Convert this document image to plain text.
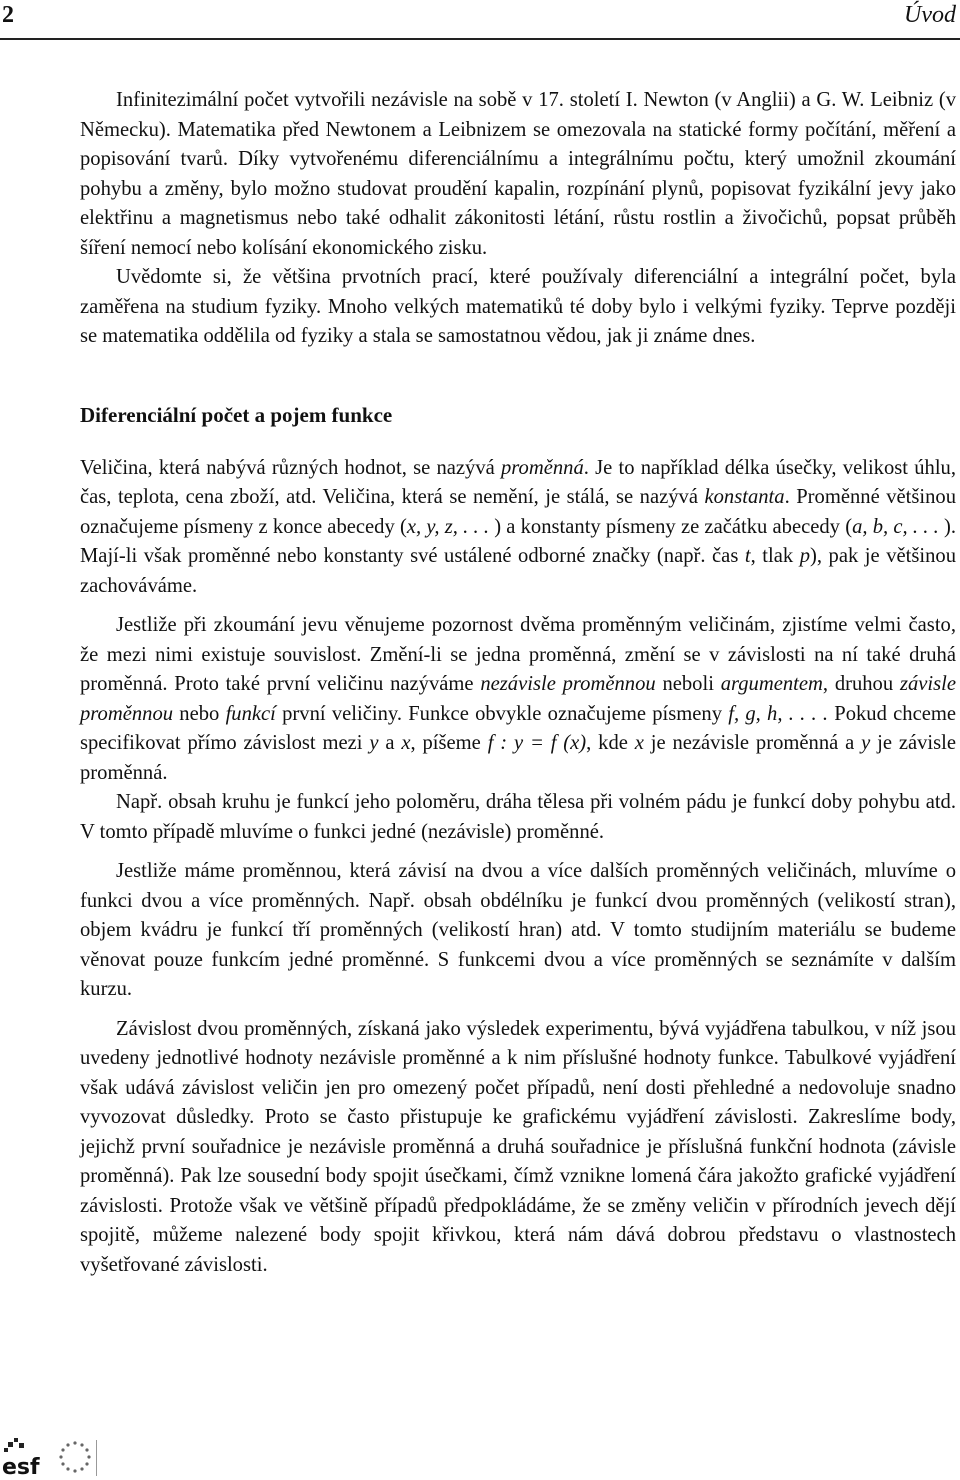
2	Úvod

Infinitezimální počet vytvořili nezávisle na sobě v 17. století I. Newton (v Anglii) a G. W. Leibniz (v Německu). Matematika před Newtonem a Leibnizem se omezovala na statické formy počítání, měření a popisování tvarů. Díky vytvořenému diferenciálnímu a integrálnímu počtu, který umožnil zkoumání pohybu a změny, bylo možno studovat proudění kapalin, rozpínání plynů, popisovat fyzikální jevy jako elektřinu a magnetismus nebo také odhalit zákonitosti létání, růstu rostlin a živočichů, popsat průběh šíření nemocí nebo kolísání ekonomického zisku.

Uvědomte si, že většina prvotních prací, které používaly diferenciální a integrální počet, byla zaměřena na studium fyziky. Mnoho velkých matematiků té doby bylo i velkými fyziky. Teprve později se matematika oddělila od fyziky a stala se samostatnou vědou, jak ji známe dnes.

Diferenciální počet a pojem funkce

Veličina, která nabývá různých hodnot, se nazývá proměnná. Je to například délka úsečky, velikost úhlu, čas, teplota, cena zboží, atd. Veličina, která se nemění, je stálá, se nazývá konstanta. Proměnné většinou označujeme písmeny z konce abecedy (x, y, z, . . . ) a konstanty písmeny ze začátku abecedy (a, b, c, . . . ). Mají-li však proměnné nebo konstanty své ustálené odborné značky (např. čas t, tlak p), pak je většinou zachováváme.

Jestliže při zkoumání jevu věnujeme pozornost dvěma proměnným veličinám, zjistíme velmi často, že mezi nimi existuje souvislost. Změní-li se jedna proměnná, změní se v závislosti na ní také druhá proměnná. Proto také první veličinu nazýváme nezávisle proměnnou neboli argumentem, druhou závisle proměnnou nebo funkcí první veličiny. Funkce obvykle označujeme písmeny f, g, h, . . . . Pokud chceme specifikovat přímo závislost mezi y a x, píšeme f : y = f (x), kde x je nezávisle proměnná a y je závisle proměnná.

Např. obsah kruhu je funkcí jeho poloměru, dráha tělesa při volném pádu je funkcí doby pohybu atd. V tomto případě mluvíme o funkci jedné (nezávisle) proměnné.

Jestliže máme proměnnou, která závisí na dvou a více dalších proměnných veličinách, mluvíme o funkci dvou a více proměnných. Např. obsah obdélníku je funkcí dvou proměnných (velikostí stran), objem kvádru je funkcí tří proměnných (velikostí hran) atd. V tomto studijním materiálu se budeme věnovat pouze funkcím jedné proměnné. S funkcemi dvou a více proměnných se seznámíte v dalším kurzu.

Závislost dvou proměnných, získaná jako výsledek experimentu, bývá vyjádřena tabulkou, v níž jsou uvedeny jednotlivé hodnoty nezávisle proměnné a k nim příslušné hodnoty funkce. Tabulkové vyjádření však udává závislost veličin jen pro omezený počet případů, není dosti přehledné a nedovoluje snadno vyvozovat důsledky. Proto se často přistupuje ke grafickému vyjádření závislosti. Zakreslíme body, jejichž první souřadnice je nezávisle proměnná a druhá souřadnice je příslušná funkční hodnota (závisle proměnná). Pak lze sousední body spojit úsečkami, čímž vznikne lomená čára jakožto grafické vyjádření závislosti. Protože však ve většině případů předpokládáme, že se změny veličin v přírodních jevech dějí spojitě, můžeme nalezené body spojit křivkou, která nám dává dobrou představu o vlastnostech vyšetřované závislosti.

esf
